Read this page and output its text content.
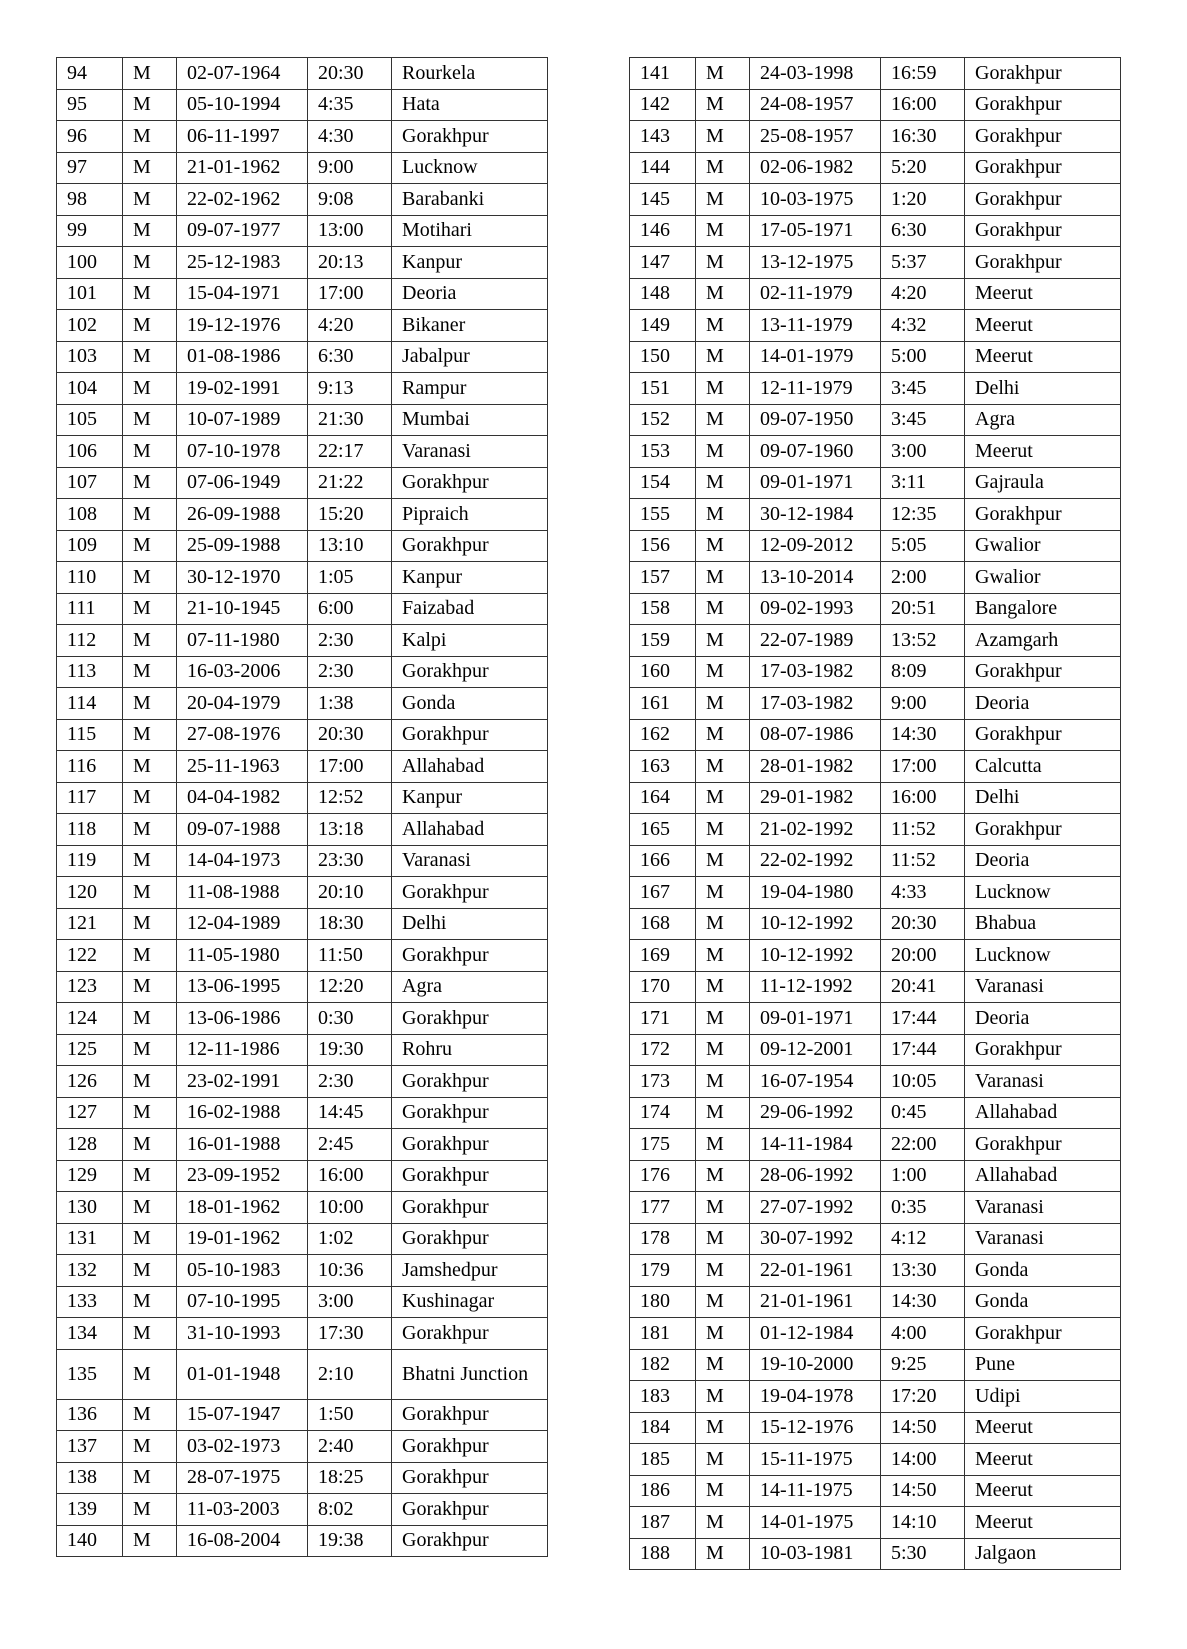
94	M	02-07-1964	20:30	Rourkela
95	M	05-10-1994	4:35	Hata
96	M	06-11-1997	4:30	Gorakhpur
97	M	21-01-1962	9:00	Lucknow
98	M	22-02-1962	9:08	Barabanki
99	M	09-07-1977	13:00	Motihari
100	M	25-12-1983	20:13	Kanpur
101	M	15-04-1971	17:00	Deoria
102	M	19-12-1976	4:20	Bikaner
103	M	01-08-1986	6:30	Jabalpur
104	M	19-02-1991	9:13	Rampur
105	M	10-07-1989	21:30	Mumbai
106	M	07-10-1978	22:17	Varanasi
107	M	07-06-1949	21:22	Gorakhpur
108	M	26-09-1988	15:20	Pipraich
109	M	25-09-1988	13:10	Gorakhpur
110	M	30-12-1970	1:05	Kanpur
111	M	21-10-1945	6:00	Faizabad
112	M	07-11-1980	2:30	Kalpi
113	M	16-03-2006	2:30	Gorakhpur
114	M	20-04-1979	1:38	Gonda
115	M	27-08-1976	20:30	Gorakhpur
116	M	25-11-1963	17:00	Allahabad
117	M	04-04-1982	12:52	Kanpur
118	M	09-07-1988	13:18	Allahabad
119	M	14-04-1973	23:30	Varanasi
120	M	11-08-1988	20:10	Gorakhpur
121	M	12-04-1989	18:30	Delhi
122	M	11-05-1980	11:50	Gorakhpur
123	M	13-06-1995	12:20	Agra
124	M	13-06-1986	0:30	Gorakhpur
125	M	12-11-1986	19:30	Rohru
126	M	23-02-1991	2:30	Gorakhpur
127	M	16-02-1988	14:45	Gorakhpur
128	M	16-01-1988	2:45	Gorakhpur
129	M	23-09-1952	16:00	Gorakhpur
130	M	18-01-1962	10:00	Gorakhpur
131	M	19-01-1962	1:02	Gorakhpur
132	M	05-10-1983	10:36	Jamshedpur
133	M	07-10-1995	3:00	Kushinagar
134	M	31-10-1993	17:30	Gorakhpur
135	M	01-01-1948	2:10	Bhatni Junction
136	M	15-07-1947	1:50	Gorakhpur
137	M	03-02-1973	2:40	Gorakhpur
138	M	28-07-1975	18:25	Gorakhpur
139	M	11-03-2003	8:02	Gorakhpur
140	M	16-08-2004	19:38	Gorakhpur
141	M	24-03-1998	16:59	Gorakhpur
142	M	24-08-1957	16:00	Gorakhpur
143	M	25-08-1957	16:30	Gorakhpur
144	M	02-06-1982	5:20	Gorakhpur
145	M	10-03-1975	1:20	Gorakhpur
146	M	17-05-1971	6:30	Gorakhpur
147	M	13-12-1975	5:37	Gorakhpur
148	M	02-11-1979	4:20	Meerut
149	M	13-11-1979	4:32	Meerut
150	M	14-01-1979	5:00	Meerut
151	M	12-11-1979	3:45	Delhi
152	M	09-07-1950	3:45	Agra
153	M	09-07-1960	3:00	Meerut
154	M	09-01-1971	3:11	Gajraula
155	M	30-12-1984	12:35	Gorakhpur
156	M	12-09-2012	5:05	Gwalior
157	M	13-10-2014	2:00	Gwalior
158	M	09-02-1993	20:51	Bangalore
159	M	22-07-1989	13:52	Azamgarh
160	M	17-03-1982	8:09	Gorakhpur
161	M	17-03-1982	9:00	Deoria
162	M	08-07-1986	14:30	Gorakhpur
163	M	28-01-1982	17:00	Calcutta
164	M	29-01-1982	16:00	Delhi
165	M	21-02-1992	11:52	Gorakhpur
166	M	22-02-1992	11:52	Deoria
167	M	19-04-1980	4:33	Lucknow
168	M	10-12-1992	20:30	Bhabua
169	M	10-12-1992	20:00	Lucknow
170	M	11-12-1992	20:41	Varanasi
171	M	09-01-1971	17:44	Deoria
172	M	09-12-2001	17:44	Gorakhpur
173	M	16-07-1954	10:05	Varanasi
174	M	29-06-1992	0:45	Allahabad
175	M	14-11-1984	22:00	Gorakhpur
176	M	28-06-1992	1:00	Allahabad
177	M	27-07-1992	0:35	Varanasi
178	M	30-07-1992	4:12	Varanasi
179	M	22-01-1961	13:30	Gonda
180	M	21-01-1961	14:30	Gonda
181	M	01-12-1984	4:00	Gorakhpur
182	M	19-10-2000	9:25	Pune
183	M	19-04-1978	17:20	Udipi
184	M	15-12-1976	14:50	Meerut
185	M	15-11-1975	14:00	Meerut
186	M	14-11-1975	14:50	Meerut
187	M	14-01-1975	14:10	Meerut
188	M	10-03-1981	5:30	Jalgaon
